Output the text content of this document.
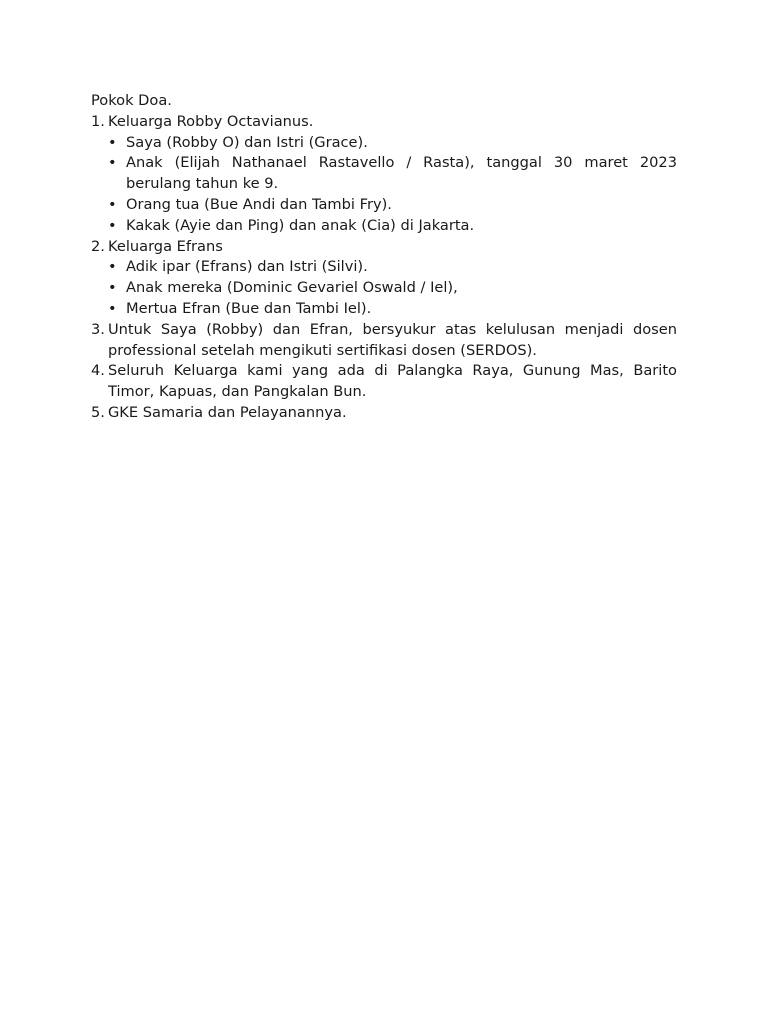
Pokok Doa.
1. Keluarga Robby Octavianus.
• Saya (Robby O) dan Istri (Grace).
• Anak (Elijah Nathanael Rastavello / Rasta), tanggal 30 maret 2023 berulang tahun ke 9.
• Orang tua (Bue Andi dan Tambi Fry).
• Kakak (Ayie dan Ping) dan anak (Cia) di Jakarta.
2. Keluarga Efrans
• Adik ipar (Efrans) dan Istri (Silvi).
• Anak mereka (Dominic Gevariel Oswald / Iel),
• Mertua Efran (Bue dan Tambi Iel).
3. Untuk Saya (Robby) dan Efran, bersyukur atas kelulusan menjadi dosen professional setelah mengikuti sertifikasi dosen (SERDOS).
4. Seluruh Keluarga kami yang ada di Palangka Raya, Gunung Mas, Barito Timor, Kapuas, dan Pangkalan Bun.
5. GKE Samaria dan Pelayanannya.
